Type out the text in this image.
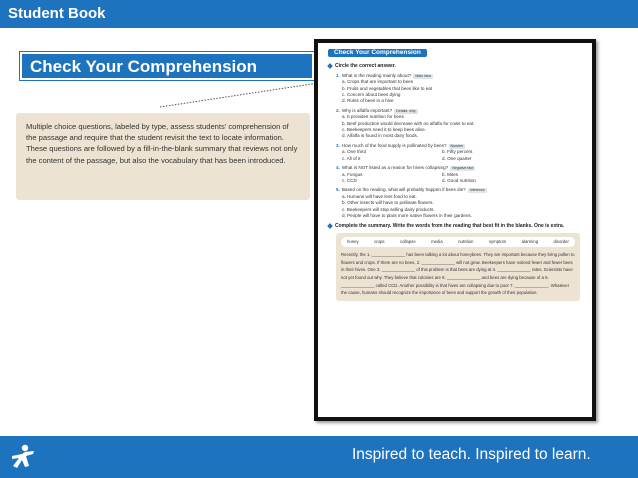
Student Book
Check Your Comprehension

Multiple choice questions, labeled by type, assess students' comprehension of the passage and require that the student revisit the text to locate information. These questions are followed by a fill-in-the-blank summary that reviews not only the content of the passage, but also the vocabulary that has been introduced.

Check Your Comprehension
Circle the correct answer.
1. What is the reading mainly about? Main idea
a. Crops that are important to bees
b. Fruits and vegetables that bees like to eat
c. Concern about bees dying
d. Roles of bees in a hive
2. Why is alfalfa important? Details: why
a. It provides nutrition for bees.
b. Beef production would decrease with no alfalfa for cows to eat.
c. Beekeepers need it to keep bees alive.
d. Alfalfa is found in most dairy foods.
3. How much of the food supply is pollinated by bees? Number
a. One third	b. Fifty percent
c. All of it	d. One quarter
4. What is NOT listed as a reason for hives collapsing? Negative fact
a. Fungus	b. Mites
c. CCD	d. Good nutrition
5. Based on the reading, what will probably happen if bees die? Inference
a. Humans will have less food to eat.
b. Other insects will have to pollinate flowers.
c. Beekeepers will stop selling dairy products.
d. People will have to plant more native flowers in their gardens.
Complete the summary. Write the words from the reading that best fit in the blanks. One is extra.
honey	crops	collapse	media	nutrition	symptom	alarming	disorder

Recently, the 1. ______________ has been talking a lot about honeybees. They are important because they bring pollen to flowers and crops. If there are no bees, 2. ______________ will not grow. Beekeepers have noticed fewer and fewer bees in their hives. One 3. ______________ of this problem is that bees are dying at 4. ______________ rates. Scientists have not yet found out why. They believe that colonies are 5. ______________ and bees are dying because of a 6. ______________ called CCD. Another possibility is that hives are collapsing due to poor 7. ______________. Whatever the cause, humans should recognize the importance of bees and support the growth of their population.

Inspired to teach. Inspired to learn.
